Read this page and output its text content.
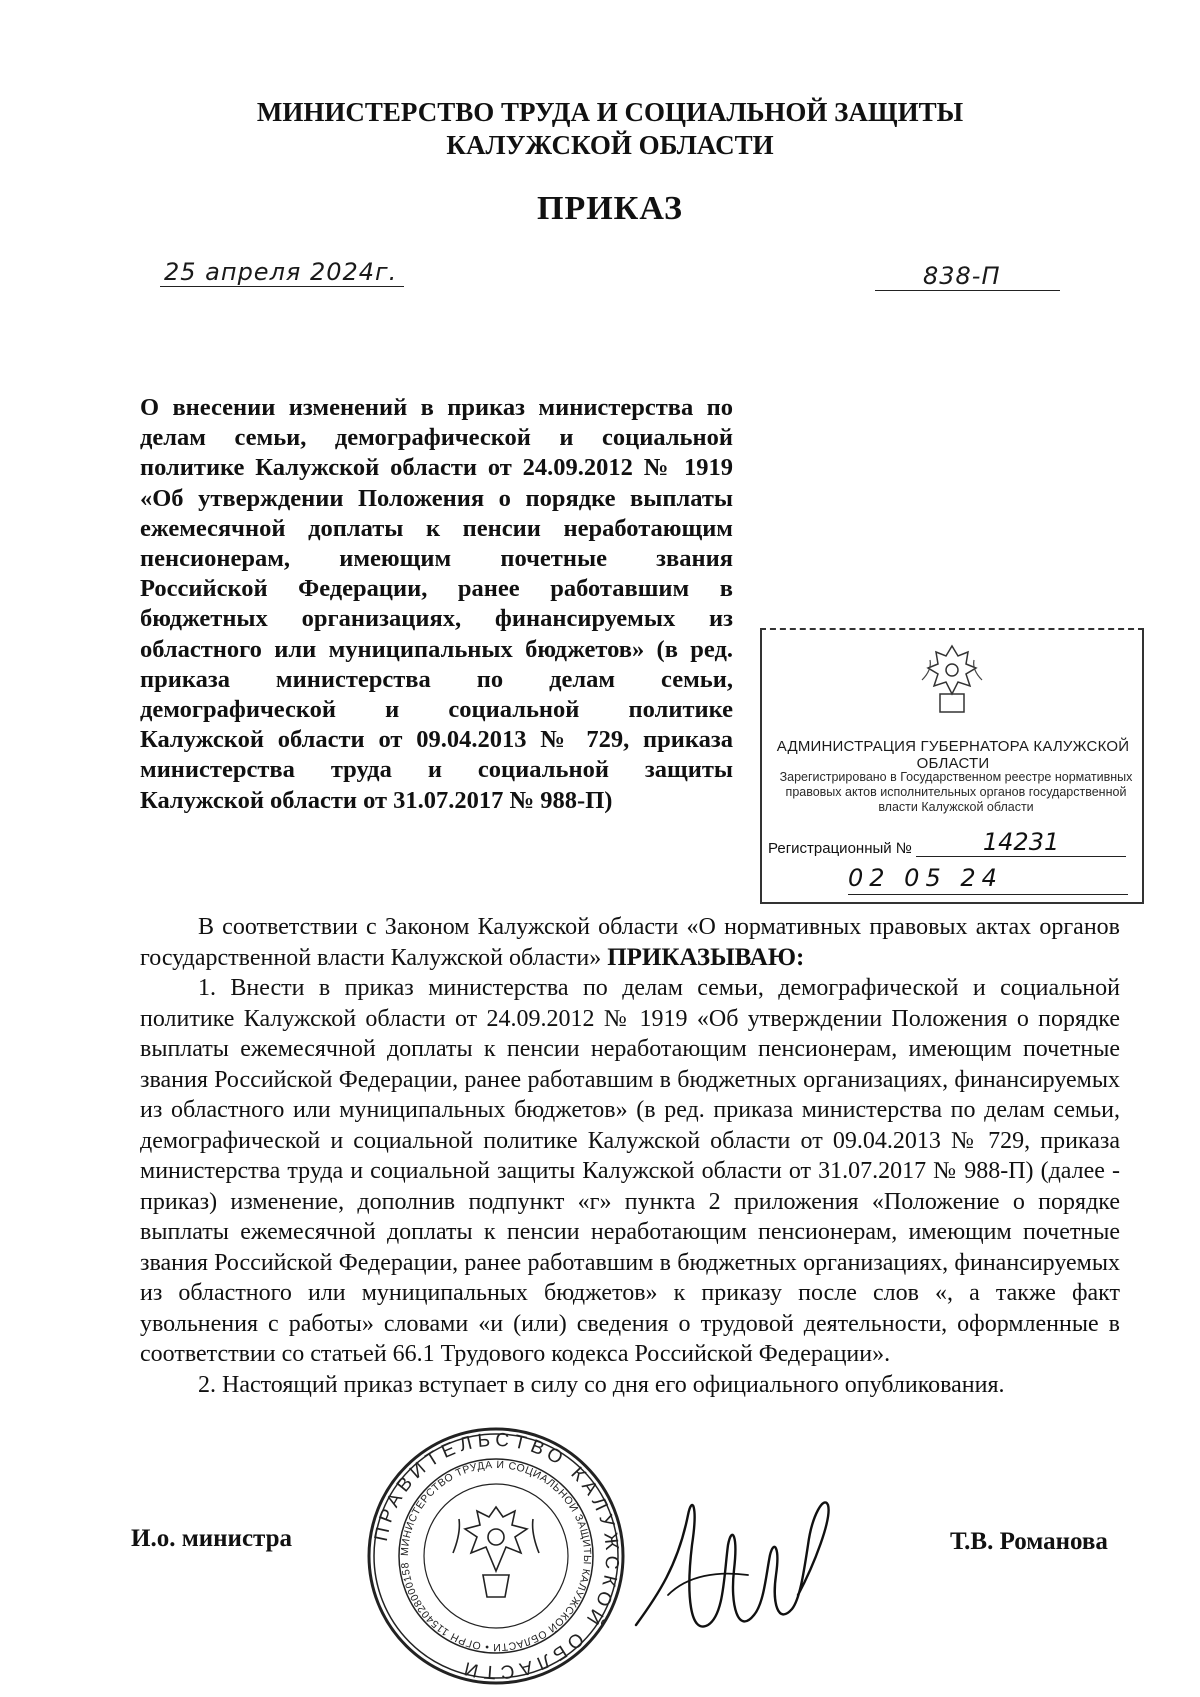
МИНИСТЕРСТВО ТРУДА И СОЦИАЛЬНОЙ ЗАЩИТЫ
КАЛУЖСКОЙ ОБЛАСТИ
ПРИКАЗ
25 апреля 2024г.	838-П
О внесении изменений в приказ министерства по делам семьи, демографической и социальной политике Калужской области от 24.09.2012 № 1919 «Об утверждении Положения о порядке выплаты ежемесячной доплаты к пенсии неработающим пенсионерам, имеющим почетные звания Российской Федерации, ранее работавшим в бюджетных организациях, финансируемых из областного или муниципальных бюджетов» (в ред. приказа министерства по делам семьи, демографической и социальной политике Калужской области от 09.04.2013 № 729, приказа министерства труда и социальной защиты Калужской области от 31.07.2017 № 988-П)
АДМИНИСТРАЦИЯ ГУБЕРНАТОРА КАЛУЖСКОЙ ОБЛАСТИ
Зарегистрировано в Государственном реестре нормативных правовых актов исполнительных органов государственной власти Калужской области
Регистрационный №	14231
02 05 24

В соответствии с Законом Калужской области «О нормативных правовых актах органов государственной власти Калужской области» ПРИКАЗЫВАЮ:

1. Внести в приказ министерства по делам семьи, демографической и социальной политике Калужской области от 24.09.2012 № 1919 «Об утверждении Положения о порядке выплаты ежемесячной доплаты к пенсии неработающим пенсионерам, имеющим почетные звания Российской Федерации, ранее работавшим в бюджетных организациях, финансируемых из областного или муниципальных бюджетов» (в ред. приказа министерства по делам семьи, демографической и социальной политике Калужской области от 09.04.2013 № 729, приказа министерства труда и социальной защиты Калужской области от 31.07.2017 № 988-П) (далее - приказ) изменение, дополнив подпункт «г» пункта 2 приложения «Положение о порядке выплаты ежемесячной доплаты к пенсии неработающим пенсионерам, имеющим почетные звания Российской Федерации, ранее работавшим в бюджетных организациях, финансируемых из областного или муниципальных бюджетов» к приказу после слов «, а также факт увольнения с работы» словами «и (или) сведения о трудовой деятельности, оформленные в соответствии со статьей 66.1 Трудового кодекса Российской Федерации».

2. Настоящий приказ вступает в силу со дня его официального опубликования.

И.о. министра	Т.В. Романова
ПРАВИТЕЛЬСТВО КАЛУЖСКОЙ ОБЛАСТИ
МИНИСТЕРСТВО ТРУДА И СОЦИАЛЬНОЙ ЗАЩИТЫ КАЛУЖСКОЙ ОБЛАСТИ • ОГРН 1154028000158
